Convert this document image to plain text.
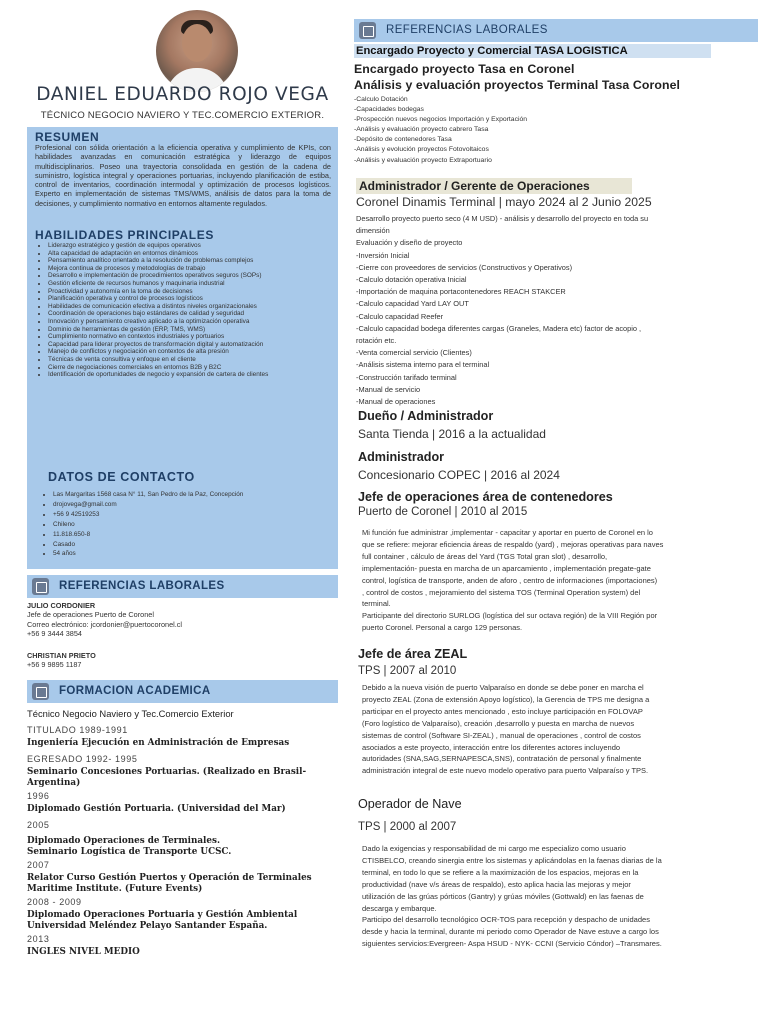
DANIEL EDUARDO ROJO VEGA
TÉCNICO NEGOCIO NAVIERO Y TEC.COMERCIO EXTERIOR.
RESUMEN
Profesional con sólida orientación a la eficiencia operativa y cumplimiento de KPIs, con habilidades avanzadas en comunicación estratégica y liderazgo de equipos multidisciplinarios. Poseo una trayectoria consolidada en gestión de la cadena de suministro, logística integral y operaciones portuarias, incluyendo planificación de estiba, control de inventarios, coordinación intermodal y optimización de procesos logísticos. Experto en implementación de sistemas TMS/WMS, análisis de datos para la toma de decisiones, y cumplimiento normativo en entornos altamente regulados.
HABILIDADES PRINCIPALES
• Liderazgo estratégico y gestión de equipos operativos
• Alta capacidad de adaptación en entornos dinámicos
• Pensamiento analítico orientado a la resolución de problemas complejos
• Mejora continua de procesos y metodologías de trabajo
• Desarrollo e implementación de procedimientos operativos seguros (SOPs)
• Gestión eficiente de recursos humanos y maquinaria industrial
• Proactividad y autonomía en la toma de decisiones
• Planificación operativa y control de procesos logísticos
• Habilidades de comunicación efectiva a distintos niveles organizacionales
• Coordinación de operaciones bajo estándares de calidad y seguridad
• Innovación y pensamiento creativo aplicado a la optimización operativa
• Dominio de herramientas de gestión (ERP, TMS, WMS)
• Cumplimiento normativo en contextos industriales y portuarios
• Capacidad para liderar proyectos de transformación digital y automatización
• Manejo de conflictos y negociación en contextos de alta presión
• Técnicas de venta consultiva y enfoque en el cliente
• Cierre de negociaciones comerciales en entornos B2B y B2C
• Identificación de oportunidades de negocio y expansión de cartera de clientes
DATOS DE CONTACTO
• Las Margaritas 1568 casa N° 11, San Pedro de la Paz, Concepción
• drojovega@gmail.com
• +56 9 42519253
• Chileno
• 11.818.650-8
• Casado
• 54 años
REFERENCIAS LABORALES
JULIO CORDONIER
Jefe de operaciones Puerto de Coronel
Correo electrónico: jcordonier@puertocoronel.cl
+56 9 3444 3854
CHRISTIAN PRIETO
+56 9 9895 1187
FORMACION ACADEMICA
Técnico Negocio Naviero y Tec.Comercio Exterior
TITULADO 1989-1991
Ingeniería Ejecución en Administración de Empresas
EGRESADO 1992- 1995
Seminario Concesiones Portuarias. (Realizado en Brasil-Argentina)
1996
Diplomado Gestión Portuaria. (Universidad del Mar)
2005
Diplomado Operaciones de Terminales.
Seminario Logística de Transporte UCSC.
2007
Relator Curso Gestión Puertos y Operación de Terminales
Maritime Institute. (Future Events)
2008 - 2009
Diplomado Operaciones Portuaria y Gestión Ambiental
Universidad Meléndez Pelayo Santander España.
2013
INGLES NIVEL MEDIO
REFERENCIAS LABORALES
Encargado Proyecto y Comercial TASA LOGISTICA
Encargado proyecto Tasa en Coronel
Análisis y evaluación proyectos Terminal Tasa Coronel
-Calculo Dotación
-Capacidades bodegas
-Prospección nuevos negocios Importación y Exportación
-Análisis y evaluación proyecto cabrero Tasa
-Depósito de contenedores Tasa
-Análisis y evolución proyectos Fotovoltaicos
-Análisis y evaluación proyecto Extraportuario
Administrador / Gerente de Operaciones
Coronel Dinamis Terminal | mayo 2024 al 2 Junio 2025
Desarrollo proyecto puerto seco (4 M USD) - análisis y desarrollo del proyecto en toda su
dimensión
Evaluación y diseño de proyecto
-Inversión Inicial
-Cierre con proveedores de servicios (Constructivos y Operativos)
-Calculo dotación operativa Inicial
-Importación de maquina portacontenedores REACH STAKCER
-Calculo capacidad Yard LAY OUT
-Calculo capacidad Reefer
-Calculo capacidad bodega diferentes cargas (Graneles, Madera etc) factor de acopio ,
rotación etc.
-Venta comercial servicio (Clientes)
-Análisis sistema interno para el terminal
-Construcción tarifado terminal
-Manual de servicio
-Manual de operaciones
Dueño / Administrador
Santa Tienda | 2016 a la actualidad
Administrador
Concesionario COPEC | 2016 al 2024
Jefe de operaciones área de contenedores
Puerto de Coronel | 2010 al 2015
Mi función fue administrar ,implementar - capacitar y aportar en puerto de Coronel en lo
que se refiere: mejorar eficiencia áreas de respaldo (yard) , mejoras operativas para naves
full container , cálculo de áreas del Yard (TGS Total gran slot) , desarrollo,
implementación- puesta en marcha de un aparcamiento , implementación pregate-gate
control, logística de transporte, anden de aforo , centro de informaciones (importaciones)
, control de costos , mejoramiento del sistema TOS (Terminal Operation system) del
terminal.
Participante del directorio SURLOG (logística del sur octava región) de la VIII Región por
puerto Coronel. Personal a cargo 129 personas.
Jefe de área ZEAL
TPS | 2007 al 2010
Debido a la nueva visión de puerto Valparaíso en donde se debe poner en marcha el
proyecto ZEAL (Zona de extensión Apoyo logístico), la Gerencia de TPS me designa a
participar en el proyecto antes mencionado , esto incluye participación en FOLOVAP
(Foro logístico de Valparaíso), creación ,desarrollo y puesta en marcha de nuevos
sistemas de control (Software SI-ZEAL) , manual de operaciones , control de costos
asociados a este proyecto, interacción entre los diferentes actores incluyendo
autoridades (SNA,SAG,SERNAPESCA,SNS), contratación de personal y finalmente
administración integral de este nuevo modelo operativo para puerto Valparaíso y TPS.
Operador de Nave
TPS | 2000 al 2007
Dado la exigencias y responsabilidad de mi cargo me especializo como usuario
CTISBELCO, creando sinergia entre los sistemas y aplicándolas en la faenas diarias de la
terminal, en todo lo que se refiere a la maximización de los espacios, mejoras en la
productividad (nave v/s áreas de respaldo), esto aplica hacia las mejoras y mejor
utilización de las grúas pórticos (Gantry) y grúas móviles (Gottwald) en las faenas de
descarga y embarque.
Participo del desarrollo tecnológico OCR-TOS para recepción y despacho de unidades
desde y hacia la terminal, durante mi periodo como Operador de Nave estuve a cargo los
siguientes servicios:Evergreen- Aspa HSUD - NYK- CCNI (Servicio Cóndor) –Transmares.
